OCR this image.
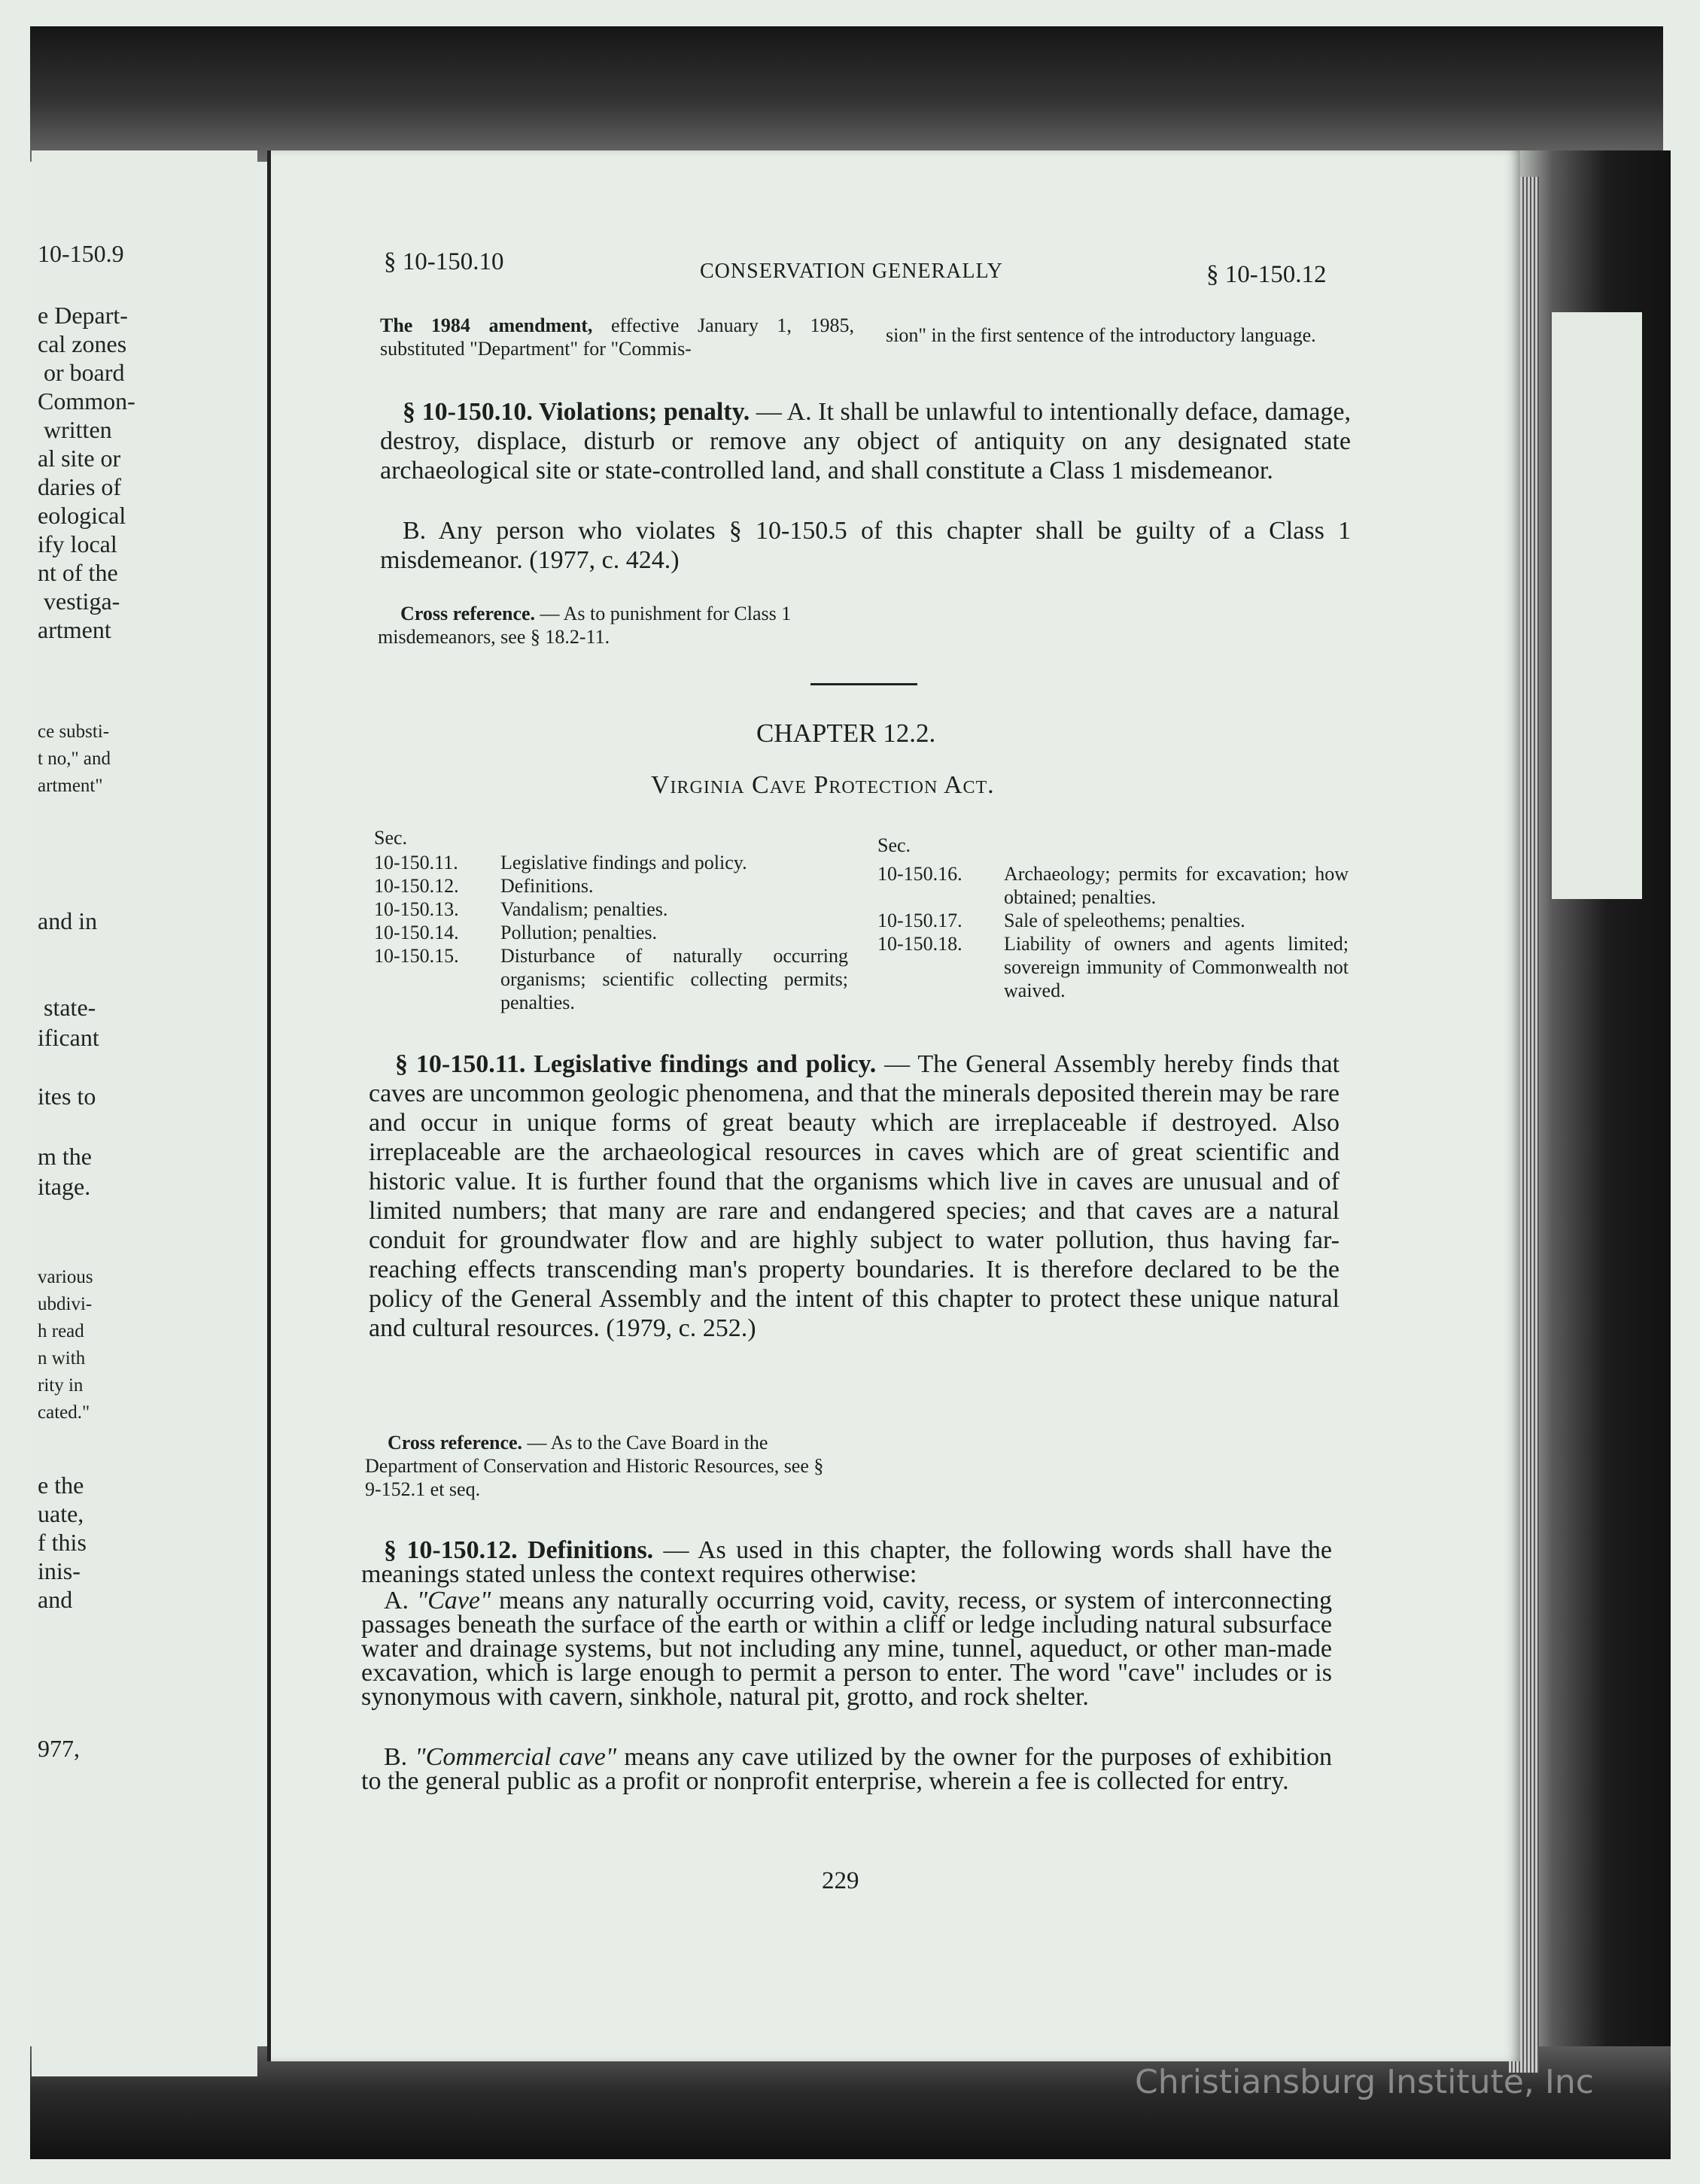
10-150.9
e Depart-
cal zones
or board
Common-
written
al site or
daries of
eological
ify local
nt of the
vestiga-
artment
ce substi-
t no," and
artment"
and in
state-
ificant
ites to
m the
itage.
various
ubdivi-
h read
n with
rity in
cated."
e the
uate,
f this
inis-
and
977,
§ 10-150.10	CONSERVATION GENERALLY	§ 10-150.12
The 1984 amendment, effective January 1, 1985, substituted "Department" for "Commis-
sion" in the first sentence of the introductory language.
§ 10-150.10. Violations; penalty. — A. It shall be unlawful to intentionally deface, damage, destroy, displace, disturb or remove any object of antiquity on any designated state archaeological site or state-controlled land, and shall constitute a Class 1 misdemeanor.
B. Any person who violates § 10-150.5 of this chapter shall be guilty of a Class 1 misdemeanor. (1977, c. 424.)
Cross reference. — As to punishment for Class 1 misdemeanors, see § 18.2-11.
CHAPTER 12.2.
Virginia Cave Protection Act.
Sec.
10-150.11.	Legislative findings and policy.
10-150.12.	Definitions.
10-150.13.	Vandalism; penalties.
10-150.14.	Pollution; penalties.
10-150.15.	Disturbance of naturally occurring organisms; scientific collecting permits; penalties.
Sec.
10-150.16.	Archaeology; permits for excavation; how obtained; penalties.
10-150.17.	Sale of speleothems; penalties.
10-150.18.	Liability of owners and agents limited; sovereign immunity of Commonwealth not waived.
§ 10-150.11. Legislative findings and policy. — The General Assembly hereby finds that caves are uncommon geologic phenomena, and that the minerals deposited therein may be rare and occur in unique forms of great beauty which are irreplaceable if destroyed. Also irreplaceable are the archaeological resources in caves which are of great scientific and historic value. It is further found that the organisms which live in caves are unusual and of limited numbers; that many are rare and endangered species; and that caves are a natural conduit for groundwater flow and are highly subject to water pollution, thus having far-reaching effects transcending man's property boundaries. It is therefore declared to be the policy of the General Assembly and the intent of this chapter to protect these unique natural and cultural resources. (1979, c. 252.)
Cross reference. — As to the Cave Board in the Department of Conservation and Historic Resources, see § 9-152.1 et seq.
§ 10-150.12. Definitions. — As used in this chapter, the following words shall have the meanings stated unless the context requires otherwise:
A. "Cave" means any naturally occurring void, cavity, recess, or system of interconnecting passages beneath the surface of the earth or within a cliff or ledge including natural subsurface water and drainage systems, but not including any mine, tunnel, aqueduct, or other man-made excavation, which is large enough to permit a person to enter. The word "cave" includes or is synonymous with cavern, sinkhole, natural pit, grotto, and rock shelter.
B. "Commercial cave" means any cave utilized by the owner for the purposes of exhibition to the general public as a profit or nonprofit enterprise, wherein a fee is collected for entry.
229
Christiansburg Institute, Inc
